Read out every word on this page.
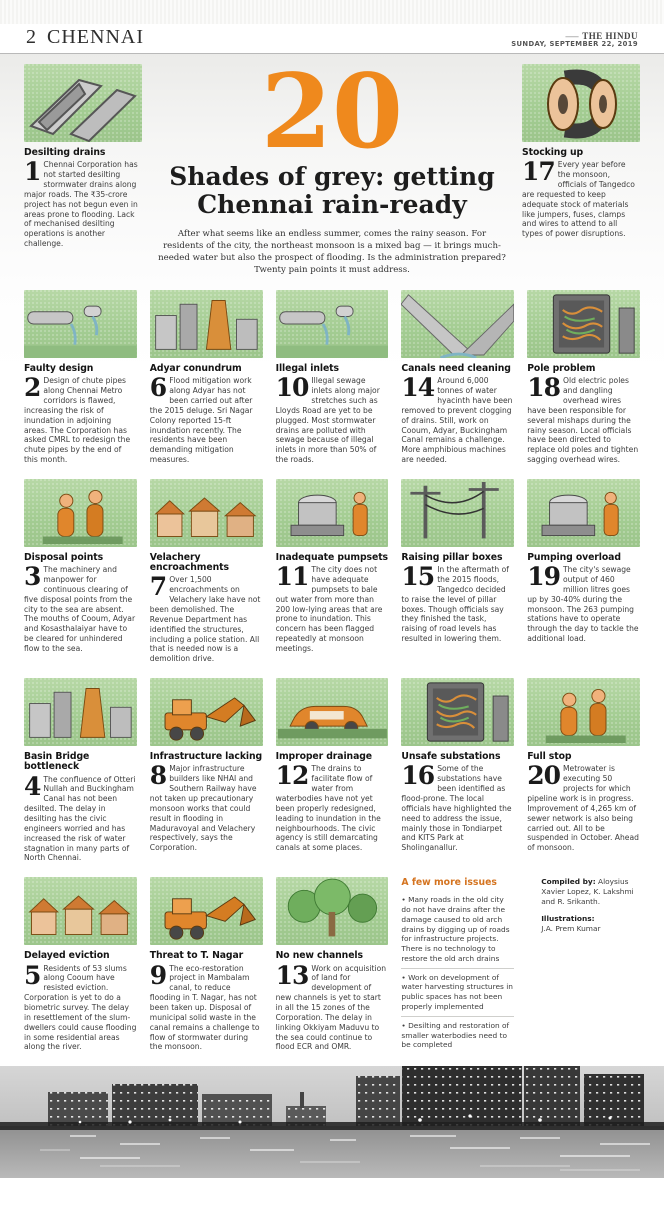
2 CHENNAI	⸺ THE HINDU
SUNDAY, SEPTEMBER 22, 2019
Desilting drains

1 Chennai Corporation has not started desilting stormwater drains along major roads. The ₹35-crore project has not begun even in areas prone to flooding. Lack of mechanised desilting operations is another challenge.

20
Shades of grey: getting
Chennai rain-ready

After what seems like an endless summer, comes the rainy season. For residents of the city, the northeast monsoon is a mixed bag — it brings much-needed water but also the prospect of flooding. Is the administration prepared? Twenty pain points it must address.

Stocking up

17 Every year before the monsoon, officials of Tangedco are requested to keep adequate stock of materials like jumpers, fuses, clamps and wires to attend to all types of power disruptions.

Faulty design

2 Design of chute pipes along Chennai Metro corridors is flawed, increasing the risk of inundation in adjoining areas. The Corporation has asked CMRL to redesign the chute pipes by the end of this month.

Adyar conundrum

6 Flood mitigation work along Adyar has not been carried out after the 2015 deluge. Sri Nagar Colony reported 15-ft inundation recently. The residents have been demanding mitigation measures.

Illegal inlets

10 Illegal sewage inlets along major stretches such as Lloyds Road are yet to be plugged. Most stormwater drains are polluted with sewage because of illegal inlets in more than 50% of the roads.

Canals need cleaning

14 Around 6,000 tonnes of water hyacinth have been removed to prevent clogging of drains. Still, work on Cooum, Adyar, Buckingham Canal remains a challenge. More amphibious machines are needed.

Pole problem

18 Old electric poles and dangling overhead wires have been responsible for several mishaps during the rainy season. Local officials have been directed to replace old poles and tighten sagging overhead wires.

Disposal points

3 The machinery and manpower for continuous clearing of five disposal points from the city to the sea are absent. The mouths of Cooum, Adyar and Kosasthalaiyar have to be cleared for unhindered flow to the sea.

Velachery encroachments

7 Over 1,500 encroachments on Velachery lake have not been demolished. The Revenue Department has identified the structures, including a police station. All that is needed now is a demolition drive.

Inadequate pumpsets

11 The city does not have adequate pumpsets to bale out water from more than 200 low-lying areas that are prone to inundation. This concern has been flagged repeatedly at monsoon meetings.

Raising pillar boxes

15 In the aftermath of the 2015 floods, Tangedco decided to raise the level of pillar boxes. Though officials say they finished the task, raising of road levels has resulted in lowering them.

Pumping overload

19 The city's sewage output of 460 million litres goes up by 30-40% during the monsoon. The 263 pumping stations have to operate through the day to tackle the additional load.

Basin Bridge bottleneck

4 The confluence of Otteri Nullah and Buckingham Canal has not been desilted. The delay in desilting has the civic engineers worried and has increased the risk of water stagnation in many parts of North Chennai.

Infrastructure lacking

8 Major infrastructure builders like NHAI and Southern Railway have not taken up precautionary monsoon works that could result in flooding in Maduravoyal and Velachery respectively, says the Corporation.

Improper drainage

12 The drains to facilitate flow of water from waterbodies have not yet been properly redesigned, leading to inundation in the neighbourhoods. The civic agency is still demarcating canals at some places.

Unsafe substations

16 Some of the substations have been identified as flood-prone. The local officials have highlighted the need to address the issue, mainly those in Tondiarpet and KITS Park at Sholinganallur.

Full stop

20 Metrowater is executing 50 projects for which pipeline work is in progress. Improvement of 4,265 km of sewer network is also being carried out. All to be suspended in October. Ahead of monsoon.

Delayed eviction

5 Residents of 53 slums along Cooum have resisted eviction. Corporation is yet to do a biometric survey. The delay in resettlement of the slum-dwellers could cause flooding in some residential areas along the river.

Threat to T. Nagar

9 The eco-restoration project in Mambalam canal, to reduce flooding in T. Nagar, has not been taken up. Disposal of municipal solid waste in the canal remains a challenge to flow of stormwater during the monsoon.

No new channels

13 Work on acquisition of land for development of new channels is yet to start in all the 15 zones of the Corporation. The delay in linking Okkiyam Maduvu to the sea could continue to flood ECR and OMR.

A few more issues
• Many roads in the old city do not have drains after the damage caused to old arch drains by digging up of roads for infrastructure projects. There is no technology to restore the old arch drains
• Work on development of water harvesting structures in public spaces has not been properly implemented
• Desilting and restoration of smaller waterbodies need to be completed
Compiled by: Aloysius Xavier Lopez, K. Lakshmi and R. Srikanth.
Illustrations:
J.A. Prem Kumar
